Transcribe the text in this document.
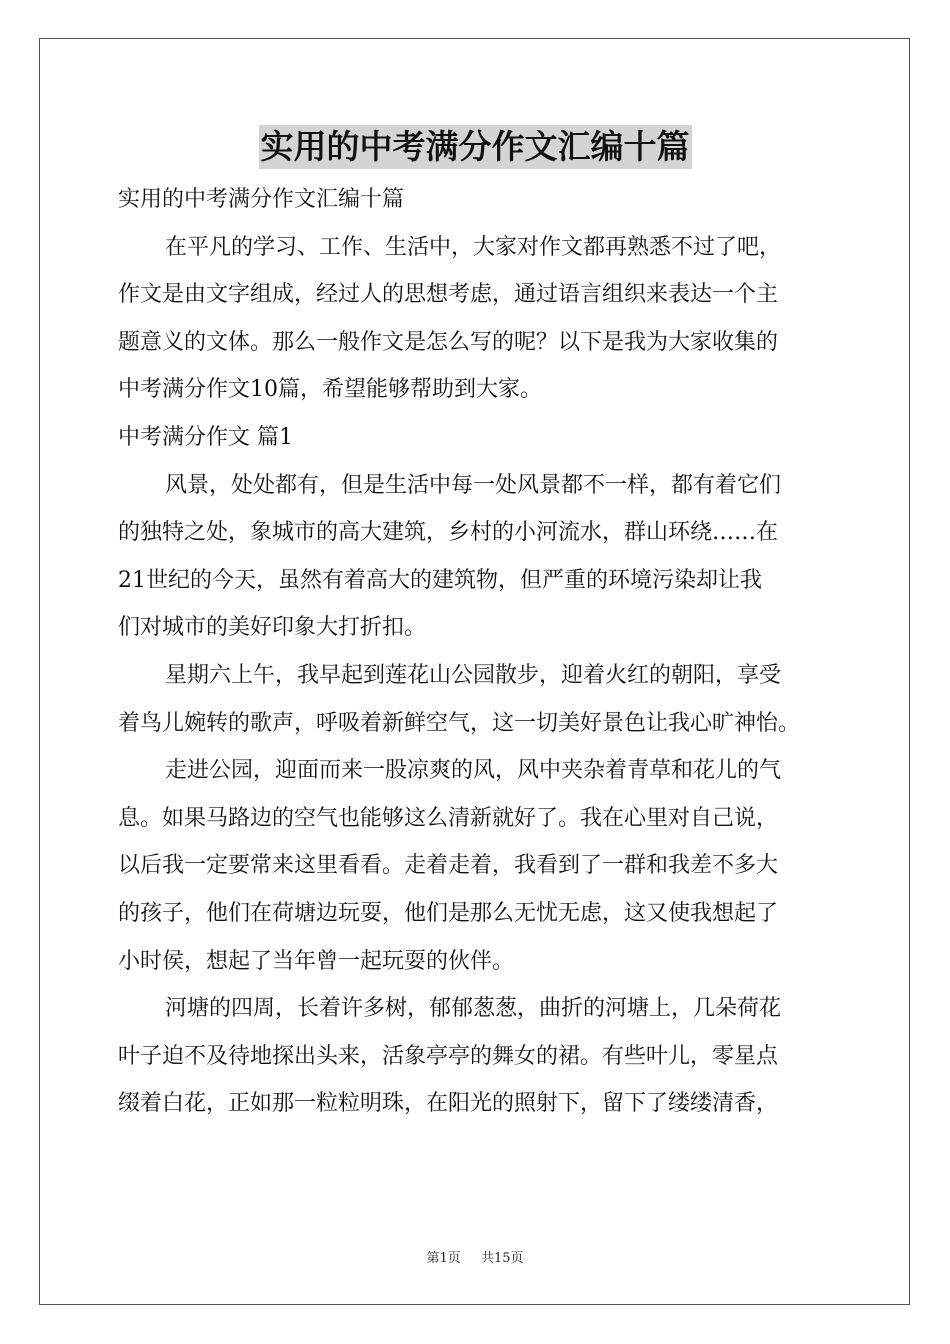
实用的中考满分作文汇编十篇
实用的中考满分作文汇编十篇
在平凡的学习、工作、生活中，大家对作文都再熟悉不过了吧，
作文是由文字组成，经过人的思想考虑，通过语言组织来表达一个主
题意义的文体。那么一般作文是怎么写的呢？以下是我为大家收集的
中考满分作文10篇，希望能够帮助到大家。
中考满分作文 篇1
风景，处处都有，但是生活中每一处风景都不一样，都有着它们
的独特之处，象城市的高大建筑，乡村的小河流水，群山环绕……在
21世纪的今天，虽然有着高大的建筑物，但严重的环境污染却让我
们对城市的美好印象大打折扣。
星期六上午，我早起到莲花山公园散步，迎着火红的朝阳，享受
着鸟儿婉转的歌声，呼吸着新鲜空气，这一切美好景色让我心旷神怡。
走进公园，迎面而来一股凉爽的风，风中夹杂着青草和花儿的气
息。如果马路边的空气也能够这么清新就好了。我在心里对自己说，
以后我一定要常来这里看看。走着走着，我看到了一群和我差不多大
的孩子，他们在荷塘边玩耍，他们是那么无忧无虑，这又使我想起了
小时侯，想起了当年曾一起玩耍的伙伴。
河塘的四周，长着许多树，郁郁葱葱，曲折的河塘上，几朵荷花
叶子迫不及待地探出头来，活象亭亭的舞女的裙。有些叶儿，零星点
缀着白花，正如那一粒粒明珠，在阳光的照射下，留下了缕缕清香，
第1页 共15页
